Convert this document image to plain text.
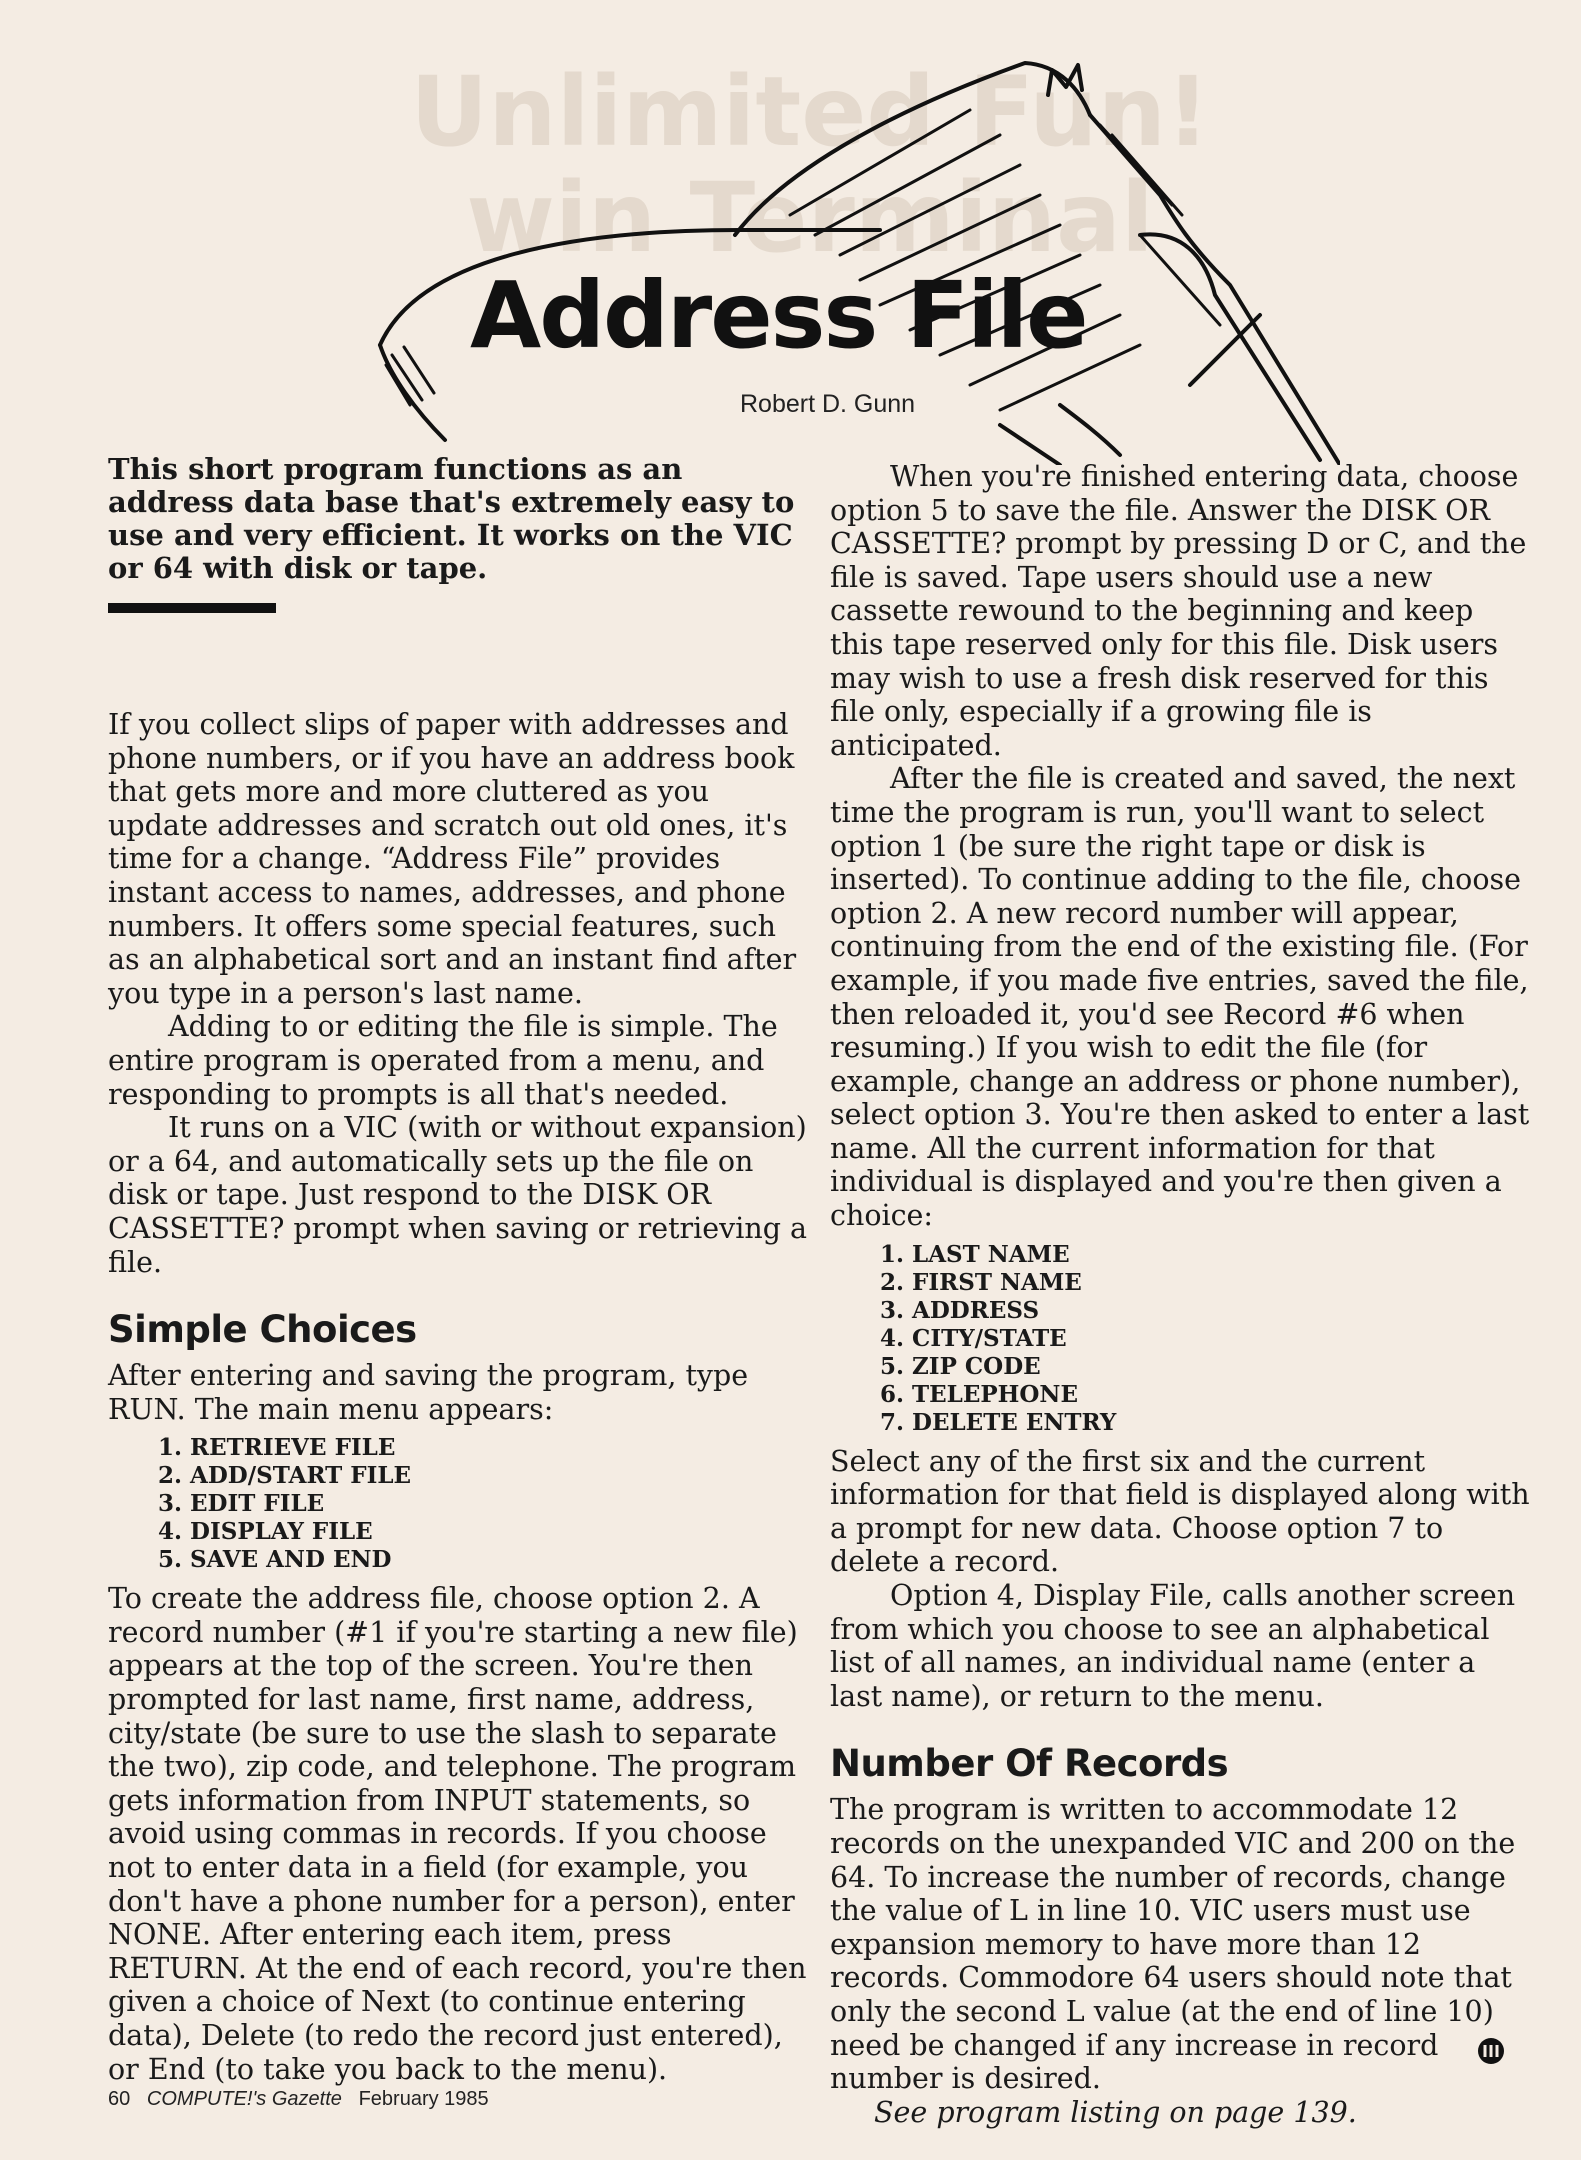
Unlimited Fun!
win Terminal
Address File
Robert D. Gunn
This short program functions as an address data base that's extremely easy to use and very efficient. It works on the VIC or 64 with disk or tape.

If you collect slips of paper with addresses and phone numbers, or if you have an address book that gets more and more cluttered as you update addresses and scratch out old ones, it's time for a change. “Address File” provides instant access to names, addresses, and phone numbers. It offers some special features, such as an alphabetical sort and an instant find after you type in a person's last name.

Adding to or editing the file is simple. The entire program is operated from a menu, and responding to prompts is all that's needed.

It runs on a VIC (with or without expansion) or a 64, and automatically sets up the file on disk or tape. Just respond to the DISK OR CASSETTE? prompt when saving or retrieving a file.

Simple Choices

After entering and saving the program, type RUN. The main menu appears:

1. RETRIEVE FILE
2. ADD/START FILE
3. EDIT FILE
4. DISPLAY FILE
5. SAVE AND END

To create the address file, choose option 2. A record number (#1 if you're starting a new file) appears at the top of the screen. You're then prompted for last name, first name, address, city/state (be sure to use the slash to separate the two), zip code, and telephone. The program gets information from INPUT statements, so avoid using commas in records. If you choose not to enter data in a field (for example, you don't have a phone number for a person), enter NONE. After entering each item, press RETURN. At the end of each record, you're then given a choice of Next (to continue entering data), Delete (to redo the record just entered), or End (to take you back to the menu).

When you're finished entering data, choose option 5 to save the file. Answer the DISK OR CASSETTE? prompt by pressing D or C, and the file is saved. Tape users should use a new cassette rewound to the beginning and keep this tape reserved only for this file. Disk users may wish to use a fresh disk reserved for this file only, especially if a growing file is anticipated.

After the file is created and saved, the next time the program is run, you'll want to select option 1 (be sure the right tape or disk is inserted). To continue adding to the file, choose option 2. A new record number will appear, continuing from the end of the existing file. (For example, if you made five entries, saved the file, then reloaded it, you'd see Record #6 when resuming.) If you wish to edit the file (for example, change an address or phone number), select option 3. You're then asked to enter a last name. All the current information for that individual is displayed and you're then given a choice:

1. LAST NAME
2. FIRST NAME
3. ADDRESS
4. CITY/STATE
5. ZIP CODE
6. TELEPHONE
7. DELETE ENTRY

Select any of the first six and the current information for that field is displayed along with a prompt for new data. Choose option 7 to delete a record.

Option 4, Display File, calls another screen from which you choose to see an alphabetical list of all names, an individual name (enter a last name), or return to the menu.

Number Of Records

The program is written to accommodate 12 records on the unexpanded VIC and 200 on the 64. To increase the number of records, change the value of L in line 10. VIC users must use expansion memory to have more than 12 records. Commodore 64 users should note that only the second L value (at the end of line 10) need be changed if any increase in record number is desired.

See program listing on page 139.

60 COMPUTE!'s Gazette February 1985
